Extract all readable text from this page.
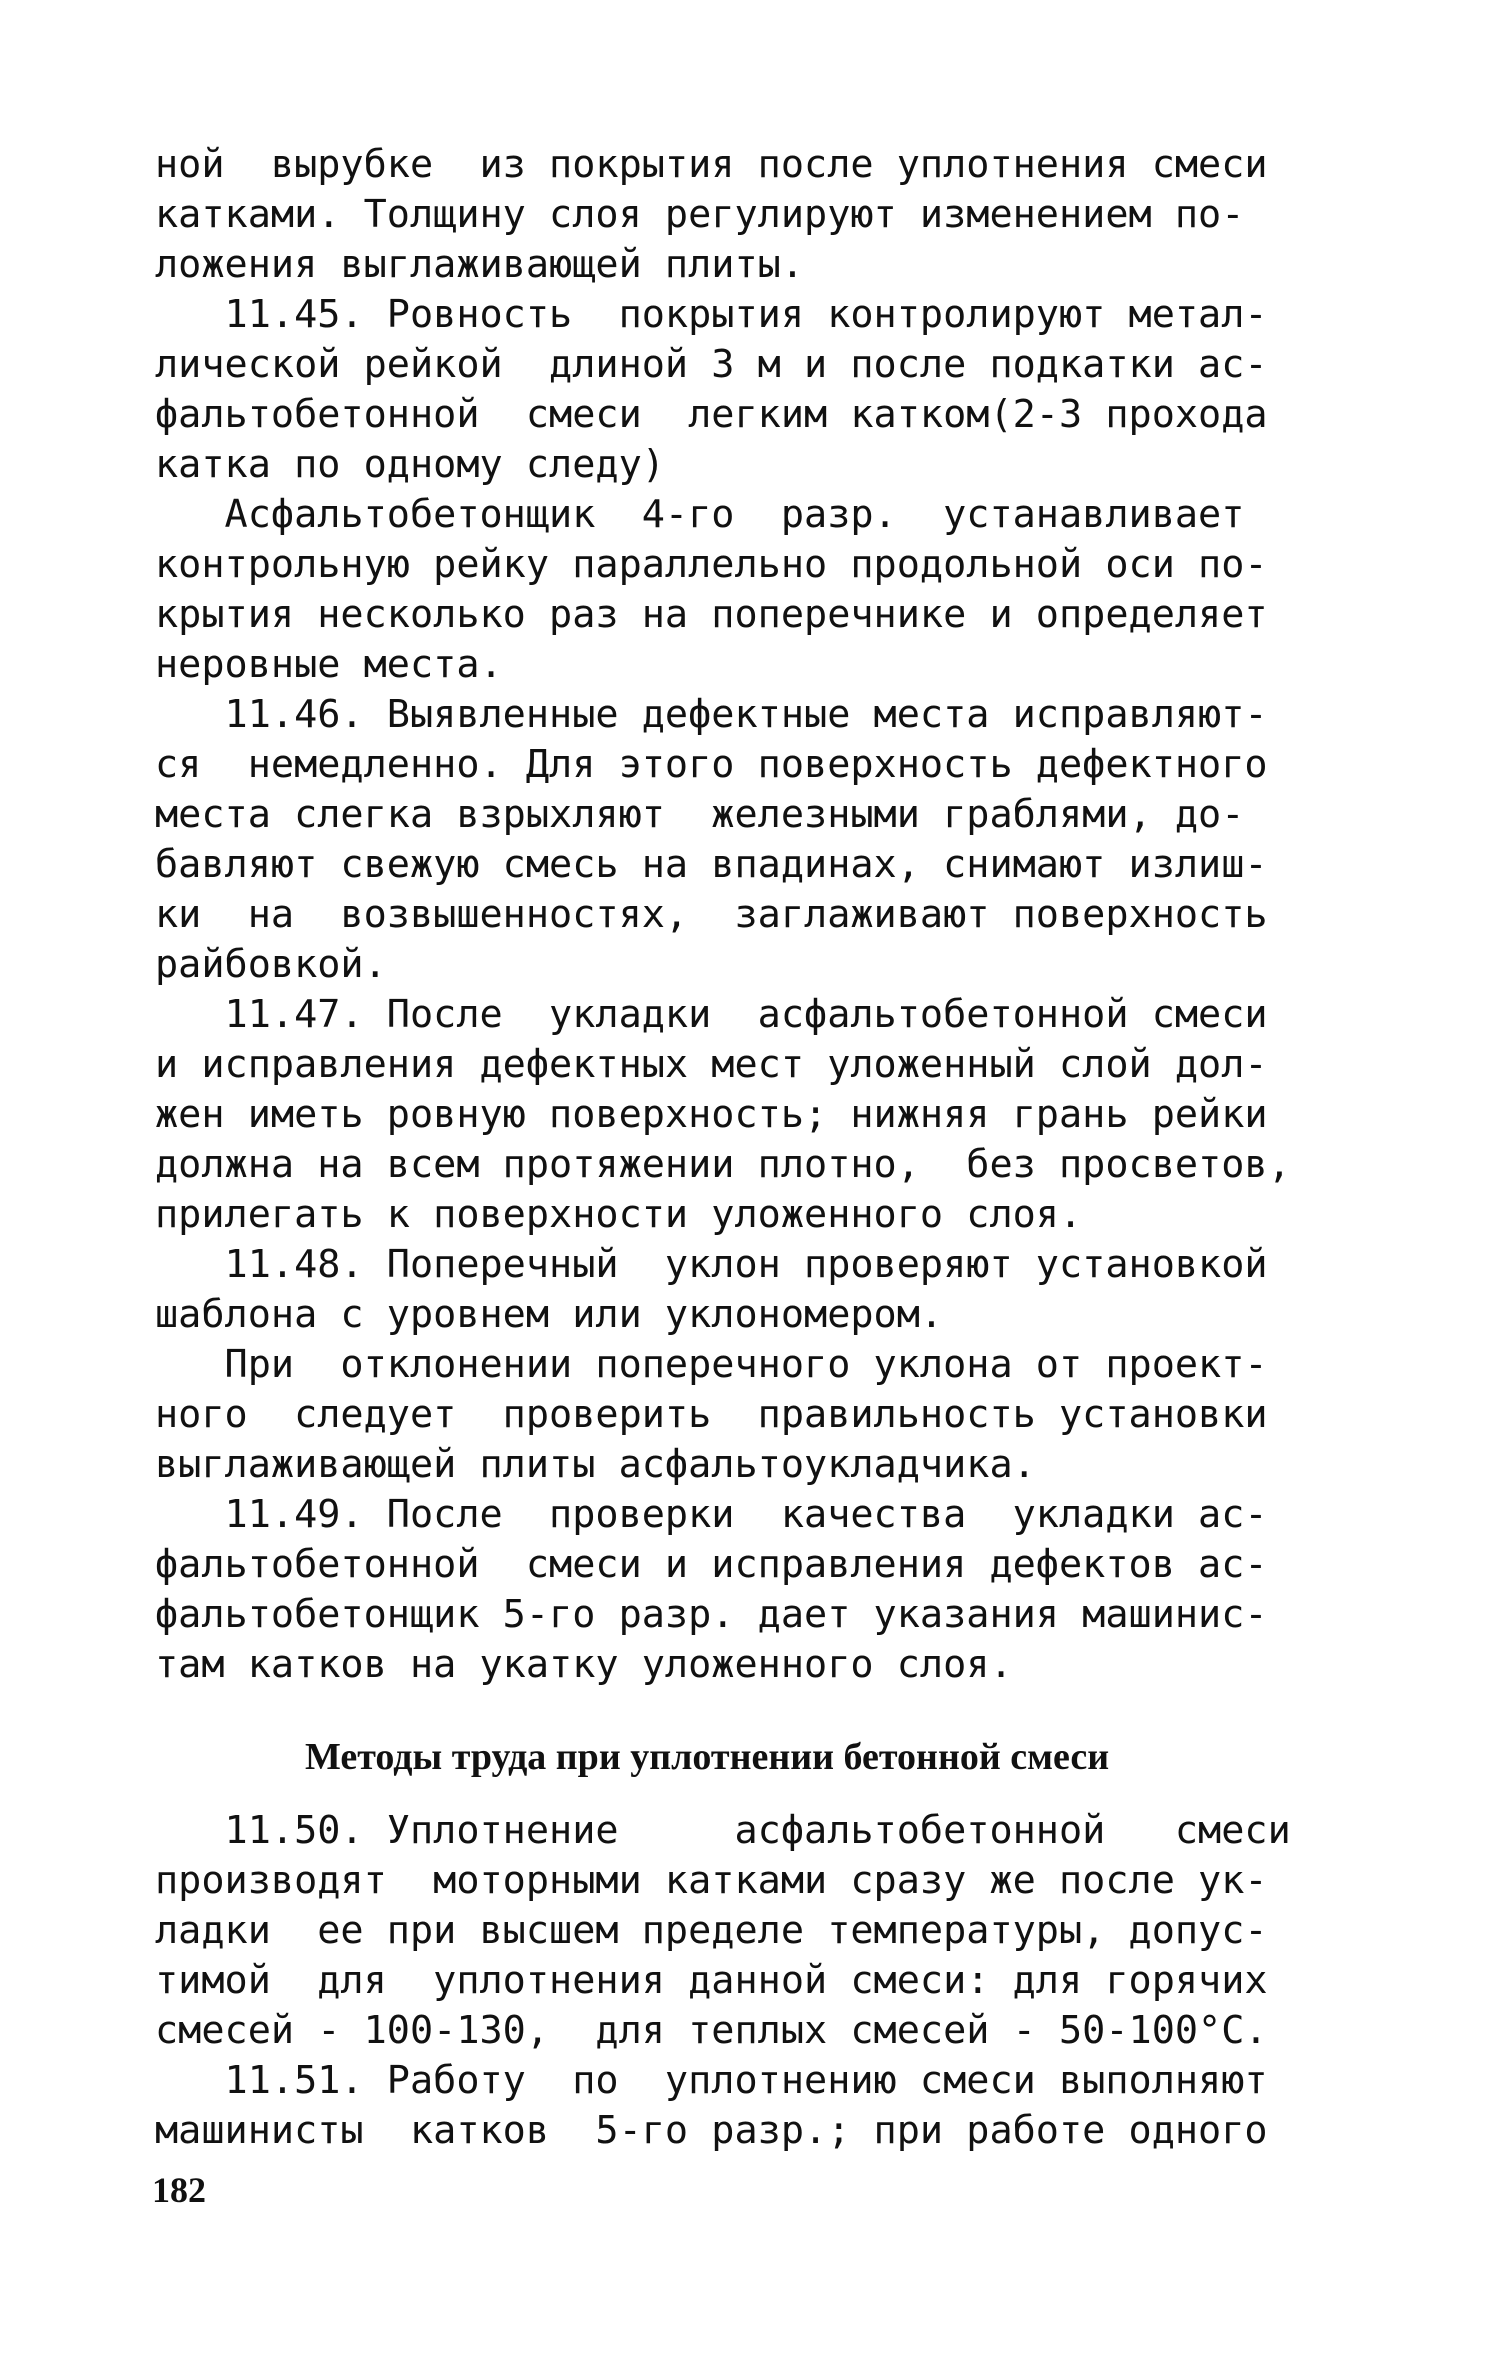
ной  вырубке  из покрытия после уплотнения смеси
катками. Толщину слоя регулируют изменением по-
ложения выглаживающей плиты.
11.45. Ровность  покрытия контролируют метал-
лической рейкой  длиной 3 м и после подкатки ас-
фальтобетонной  смеси  легким катком(2-3 прохода
катка по одному следу)
Асфальтобетонщик  4-го  разр.  устанавливает
контрольную рейку параллельно продольной оси по-
крытия несколько раз на поперечнике и определяет
неровные места.
11.46. Выявленные дефектные места исправляют-
ся  немедленно. Для этого поверхность дефектного
места слегка взрыхляют  железными граблями, до-
бавляют свежую смесь на впадинах, снимают излиш-
ки  на  возвышенностях,  заглаживают поверхность
райбовкой.
11.47. После  укладки  асфальтобетонной смеси
и исправления дефектных мест уложенный слой дол-
жен иметь ровную поверхность; нижняя грань рейки
должна на всем протяжении плотно,  без просветов,
прилегать к поверхности уложенного слоя.
11.48. Поперечный  уклон проверяют установкой
шаблона с уровнем или уклономером.
При  отклонении поперечного уклона от проект-
ного  следует  проверить  правильность установки
выглаживающей плиты асфальтоукладчика.
11.49. После  проверки  качества  укладки ас-
фальтобетонной  смеси и исправления дефектов ас-
фальтобетонщик 5-го разр. дает указания машинис-
там катков на укатку уложенного слоя.
Методы труда при уплотнении бетонной смеси
11.50. Уплотнение     асфальтобетонной   смеси
производят  моторными катками сразу же после ук-
ладки  ее при высшем пределе температуры, допус-
тимой  для  уплотнения данной смеси: для горячих
смесей - 100-130,  для теплых смесей - 50-100°С.
11.51. Работу  по  уплотнению смеси выполняют
машинисты  катков  5-го разр.; при работе одного
182
